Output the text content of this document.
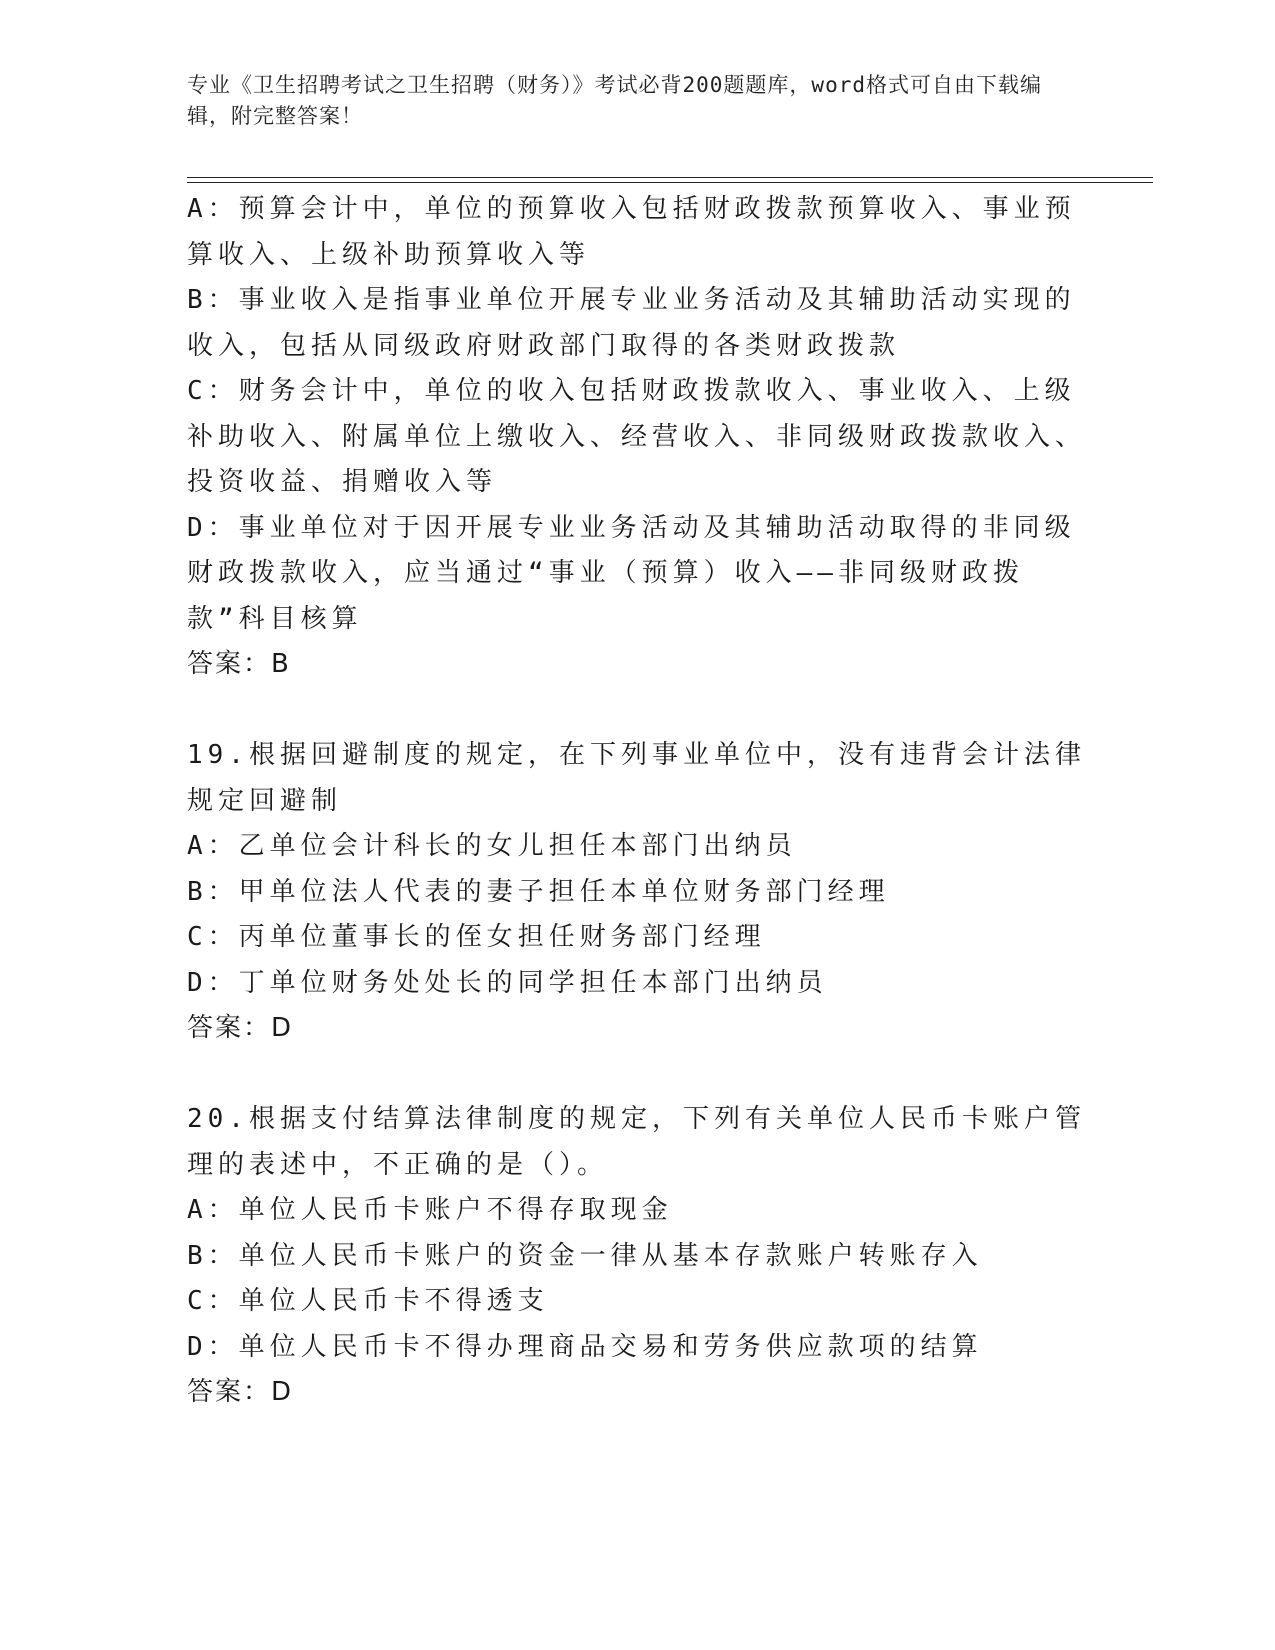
专业《卫生招聘考试之卫生招聘（财务）》考试必背200题题库，word格式可自由下载编辑，附完整答案！

A：预算会计中，单位的预算收入包括财政拨款预算收入、事业预算收入、上级补助预算收入等

B：事业收入是指事业单位开展专业业务活动及其辅助活动实现的收入，包括从同级政府财政部门取得的各类财政拨款

C：财务会计中，单位的收入包括财政拨款收入、事业收入、上级补助收入、附属单位上缴收入、经营收入、非同级财政拨款收入、投资收益、捐赠收入等

D：事业单位对于因开展专业业务活动及其辅助活动取得的非同级财政拨款收入，应当通过“事业（预算）收入——非同级财政拨款”科目核算

答案：B

19.根据回避制度的规定，在下列事业单位中，没有违背会计法律规定回避制

A：乙单位会计科长的女儿担任本部门出纳员

B：甲单位法人代表的妻子担任本单位财务部门经理

C：丙单位董事长的侄女担任财务部门经理

D：丁单位财务处处长的同学担任本部门出纳员

答案：D

20.根据支付结算法律制度的规定，下列有关单位人民币卡账户管理的表述中，不正确的是（）。

A：单位人民币卡账户不得存取现金

B：单位人民币卡账户的资金一律从基本存款账户转账存入

C：单位人民币卡不得透支

D：单位人民币卡不得办理商品交易和劳务供应款项的结算

答案：D
